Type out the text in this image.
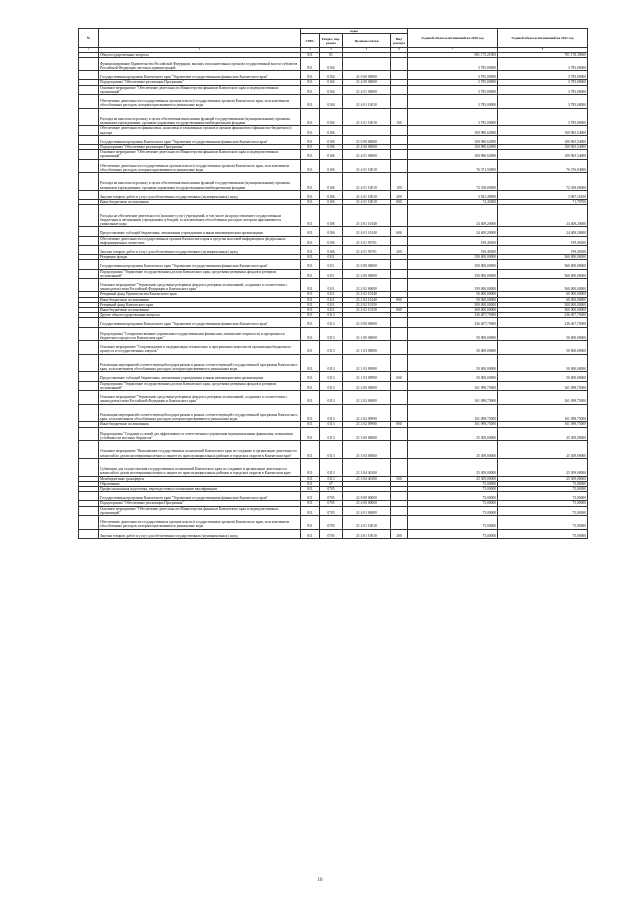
№		коды				Годовой объем ассигнований на 2020 год	Годовой объем ассигнований на 2021 год
		ГРБС	Раздел, под-раздел	Целевая статья	Вид расхода		
1	2	3	4	5	6	7	8
	Общегосударственные вопросы	811	01			691 175,21900	701 178,39000
	Функционирование Правительства Российской Федерации, высших исполнительных органов государственной власти субъектов Российской Федерации, местных администраций	811	0104			3 785,00000	3 785,00000
	Государственная программа Камчатского края "Управление государственными финансами Камчатского края"	811	0104	21 0 00 00000		3 785,00000	3 785,00000
	Подпрограмма "Обеспечение реализации Программы"	811	0104	21 4 00 00000		3 785,00000	3 785,00000
	Основное мероприятие "Обеспечение деятельности Министерства финансов Камчатского края и подведомственных организаций"	811	0104	21 4 01 00000		3 785,00000	3 785,00000
	Обеспечение деятельности государственных органов власти (государственных органов) Камчатского края, за исключением обособленных расходов, которым присваиваются уникальные коды	811	0104	21 4 01 10010		3 785,00000	3 785,00000
	Расходы на выплаты персоналу в целях обеспечения выполнения функций государственными (муниципальными) органами, казенными учреждениями, органами управления государственными внебюджетными фондами	811	0104	21 4 01 10010	100	3 785,00000	3 785,00000
	Обеспечение деятельности финансовых, налоговых и таможенных органов и органов финансового (финансово-бюджетного) надзора	811	0106			100 980,62900	100 965,54000
	Государственная программа Камчатского края "Управление государственными финансами Камчатского края"	811	0106	21 0 00 00000		100 980,62900	100 965,54000
	Подпрограмма "Обеспечение реализации Программы"	811	0106	21 4 00 00000		100 980,62900	100 965,54000
	Основное мероприятие "Обеспечение деятельности Министерства финансов Камчатского края и подведомственных организаций"	811	0106	21 4 01 00000		100 980,62900	100 965,54000
	Обеспечение деятельности государственных органов власти (государственных органов) Камчатского края, за исключением обособленных расходов, которым присваиваются уникальные коды	811	0106	21 4 01 10010		76 371,92900	76 376,94000
	Расходы на выплаты персоналу в целях обеспечения выполнения функций государственными (муниципальными) органами, казенными учреждениями, органами управления государственными внебюджетными фондами	811	0106	21 4 01 10010	100	72 358,00000	72 358,00000
	Закупка товаров, работ и услуг для обеспечения государственных (муниципальных) нужд	811	0106	21 4 01 10010	200	3 941,49900	3 967,16100
	Иные бюджетные ассигнования	811	0106	21 4 01 10010	800	72,43000	71,78700
	Расходы на обеспечение деятельности (оказание услуг) учреждений, в том числе на предоставление государственным бюджетным и автономным учреждениям субсидий, за исключением обособленных расходов, которым присваиваются уникальные коды	811	0106	21 4 01 10140		24 409,20000	24 409,20000
	Предоставление субсидий бюджетным, автономным учреждениям и иным некоммерческим организациям	811	0106	21 4 01 10140	600	24 409,20000	24 409,20000
	Обеспечение деятельности государственных органов Камчатского края и средства массовой информации и федеральных информационных агентствах	811	0106	21 4 01 93701		199,49200	199,49200
	Закупка товаров, работ и услуг для обеспечения государственных (муниципальных) нужд	811	0106	21 4 01 93701	200	199,49200	199,49200
	Резервные фонды	811	0111			350 000,00000	360 000,00000
	Государственная программа Камчатского края "Управление государственными финансами Камчатского края"	811	0111	21 0 00 00000		350 000,00000	360 000,00000
	Подпрограмма "Управление государственным долгом Камчатского края, средствами резервных фондов и резервом ассигнований"	811	0111	21 2 00 00000		350 000,00000	360 000,00000
	Основное мероприятие "Управление средствами резервных фондов и резервом ассигнований, созданных в соответствии с законодательством Российской Федерации и Камчатского края"	811	0111	21 2 02 00000		350 000,00000	360 000,00000
	Резервный фонд Правительства Камчатского края	811	0111	21 2 02 10140		50 000,00000	60 000,00000
	Иные бюджетные ассигнования	811	0111	21 2 02 10140	800	50 000,00000	60 000,00000
	Резервный фонд Камчатского края	811	0111	21 2 02 10150		300 000,00000	300 000,00000
	Иные бюджетные ассигнования	811	0111	21 2 02 10150	800	300 000,00000	300 000,00000
	Другие общегосударственные вопросы	811	0113			236 407,75000	236 407,75000
	Государственная программа Камчатского края "Управление государственными финансами Камчатского края"	811	0113	21 0 00 00000		236 407,75000	236 407,75000
	Подпрограмма "Совершенствование управления государственными финансами, повышение открытости и прозрачности бюджетного процесса в Камчатском крае"	811	0113	21 1 00 00000		50 000,00000	50 000,00000
	Основное мероприятие "Сопровождение и модернизация технических и программных комплексов организации бюджетного процесса и государственных закупок"	811	0113	21 1 03 00000		50 000,00000	50 000,00000
	Реализация мероприятий соответствующей подпрограммы в рамках соответствующей государственной программы Камчатского края, за исключением обособленных расходов, которым присваиваются уникальные коды	811	0113	21 1 03 09990		50 000,00000	50 000,00000
	Предоставление субсидий бюджетным, автономным учреждениям и иным некоммерческим организациям	811	0113	21 1 03 09990	600	50 000,00000	50 000,00000
	Подпрограмма "Управление государственным долгом Камчатского края, средствами резервных фондов и резервом ассигнований"	811	0113	21 2 00 00000		161 098,75000	161 098,75000
	Основное мероприятие "Управление средствами резервных фондов и резервом ассигнований, созданных в соответствии с законодательством Российской Федерации и Камчатского края"	811	0113	21 2 02 00000		161 098,75000	161 098,75000
	Реализация мероприятий соответствующей подпрограммы в рамках соответствующей государственной программы Камчатского края, за исключением обособленных расходов, которым присваиваются уникальные коды	811	0113	21 2 02 09990		161 098,75000	161 098,75000
	Иные бюджетные ассигнования	811	0113	21 2 02 09990	800	161 098,75000	161 098,75000
	Подпрограмма "Создание условий для эффективного и ответственного управления муниципальными финансами, повышения устойчивости местных бюджетов"	811	0113	21 3 00 00000		25 309,00000	25 309,00000
	Основное мероприятие "Выполнение государственных полномочий Камчатского края по созданию и организации деятельности комиссий по делам несовершеннолетних и защите их прав муниципальных районов и городских округов в Камчатском крае"	811	0113	21 3 04 00000		25 309,00000	25 309,00000
	Субвенции для осуществления государственных полномочий Камчатского края по созданию и организации деятельности комиссий по делам несовершеннолетних и защите их прав муниципальных районов и городских округов в Камчатском крае	811	0113	21 3 04 40100		25 309,00000	25 309,00000
	Межбюджетные трансферты	811	0113	21 3 04 40100	500	25 309,00000	25 309,00000
	Образование	811	07			75,00000	75,00000
	Профессиональная подготовка, переподготовка и повышение квалификации	811	0705			75,00000	75,00000
	Государственная программа Камчатского края "Управление государственными финансами Камчатского края"	811	0705	21 0 00 00000		75,00000	75,00000
	Подпрограмма "Обеспечение реализации Программы"	811	0705	21 4 00 00000		75,00000	75,00000
	Основное мероприятие "Обеспечение деятельности Министерства финансов Камчатского края и подведомственных организаций"	811	0705	21 4 01 00000		75,00000	75,00000
	Обеспечение деятельности государственных органов власти (государственных органов) Камчатского края, за исключением обособленных расходов, которым присваиваются уникальные коды	811	0705	21 4 01 10010		75,00000	75,00000
	Закупка товаров, работ и услуг для обеспечения государственных (муниципальных) нужд	811	0705	21 4 01 10010	200	75,00000	75,00000
10
